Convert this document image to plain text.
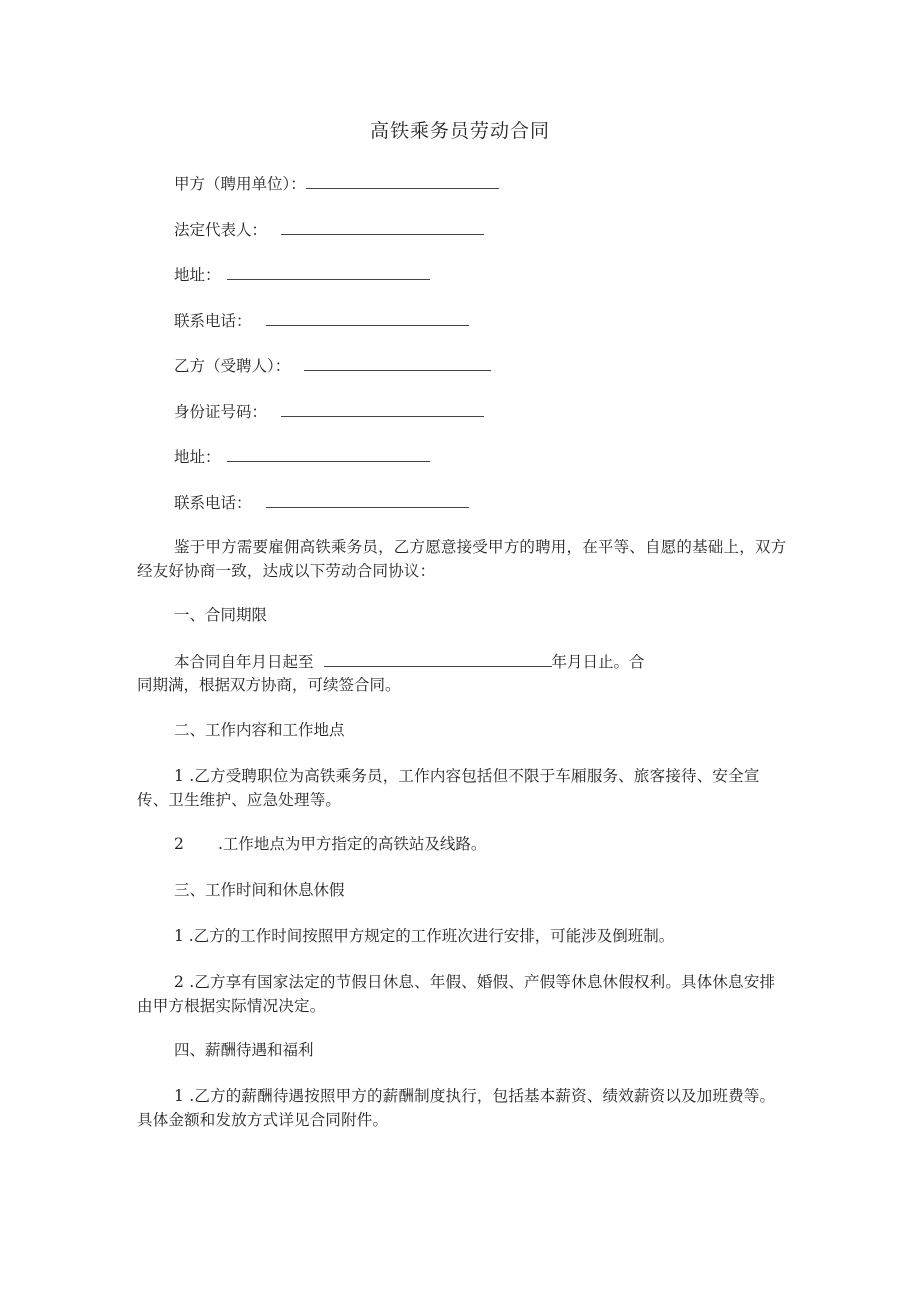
高铁乘务员劳动合同
甲方（聘用单位）：
法定代表人：
地址：
联系电话：
乙方（受聘人）：
身份证号码：
地址：
联系电话：
鉴于甲方需要雇佣高铁乘务员，乙方愿意接受甲方的聘用，在平等、自愿的基础上，双方经友好协商一致，达成以下劳动合同协议：
一、合同期限
本合同自年月日起至	年月日止。合
同期满，根据双方协商，可续签合同。
二、工作内容和工作地点
1 .乙方受聘职位为高铁乘务员，工作内容包括但不限于车厢服务、旅客接待、安全宣传、卫生维护、应急处理等。
2 .工作地点为甲方指定的高铁站及线路。
三、工作时间和休息休假
1 .乙方的工作时间按照甲方规定的工作班次进行安排，可能涉及倒班制。
2 .乙方享有国家法定的节假日休息、年假、婚假、产假等休息休假权利。具体休息安排由甲方根据实际情况决定。
四、薪酬待遇和福利
1 .乙方的薪酬待遇按照甲方的薪酬制度执行，包括基本薪资、绩效薪资以及加班费等。具体金额和发放方式详见合同附件。
